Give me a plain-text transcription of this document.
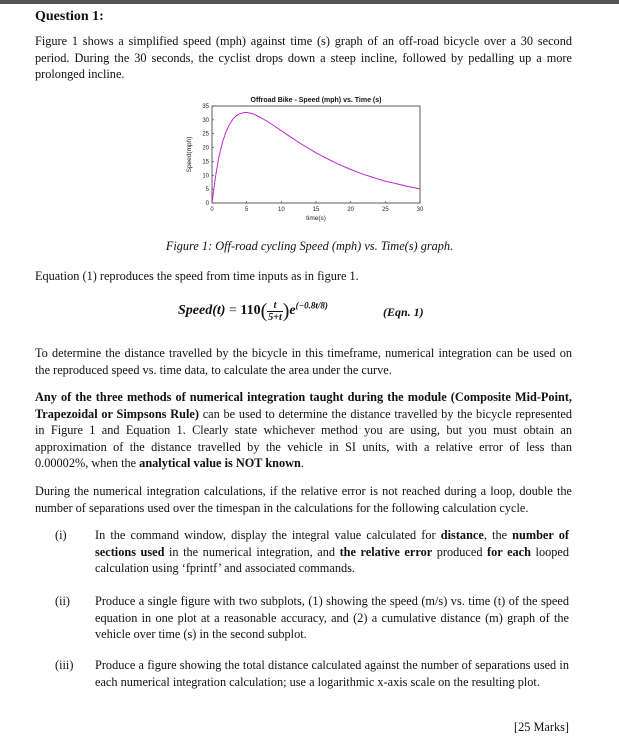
Question 1:
Figure 1 shows a simplified speed (mph) against time (s) graph of an off-road bicycle over a 30 second period. During the 30 seconds, the cyclist drops down a steep incline, followed by pedalling up a more prolonged incline.
Offroad Bike - Speed (mph) vs. Time (s)
0	5	10	15	20	25	30
0
5
10
15
20
25
30
35
time(s)
Speed(mph)
Figure 1: Off-road cycling Speed (mph) vs. Time(s) graph.
Equation (1) reproduces the speed from time inputs as in figure 1.
Speed(t) = $110( \frac{t}{5+t} )e^{(-0.8t/8)}$	(Eqn. 1)
To determine the distance travelled by the bicycle in this timeframe, numerical integration can be used on the reproduced speed vs. time data, to calculate the area under the curve.
Any of the three methods of numerical integration taught during the module (Composite Mid-Point, Trapezoidal or Simpsons Rule) can be used to determine the distance travelled by the bicycle represented in Figure 1 and Equation 1. Clearly state whichever method you are using, but you must obtain an approximation of the distance travelled by the vehicle in SI units, with a relative error of less than 0.00002%, when the analytical value is NOT known.
During the numerical integration calculations, if the relative error is not reached during a loop, double the number of separations used over the timespan in the calculations for the following calculation cycle.
(i) In the command window, display the integral value calculated for distance, the number of sections used in the numerical integration, and the relative error produced for each looped calculation using ‘fprintf’ and associated commands.
(ii) Produce a single figure with two subplots, (1) showing the speed (m/s) vs. time (t) of the speed equation in one plot at a reasonable accuracy, and (2) a cumulative distance (m) graph of the vehicle over time (s) in the second subplot.
(iii) Produce a figure showing the total distance calculated against the number of separations used in each numerical integration calculation; use a logarithmic x-axis scale on the resulting plot.
[25 Marks]
